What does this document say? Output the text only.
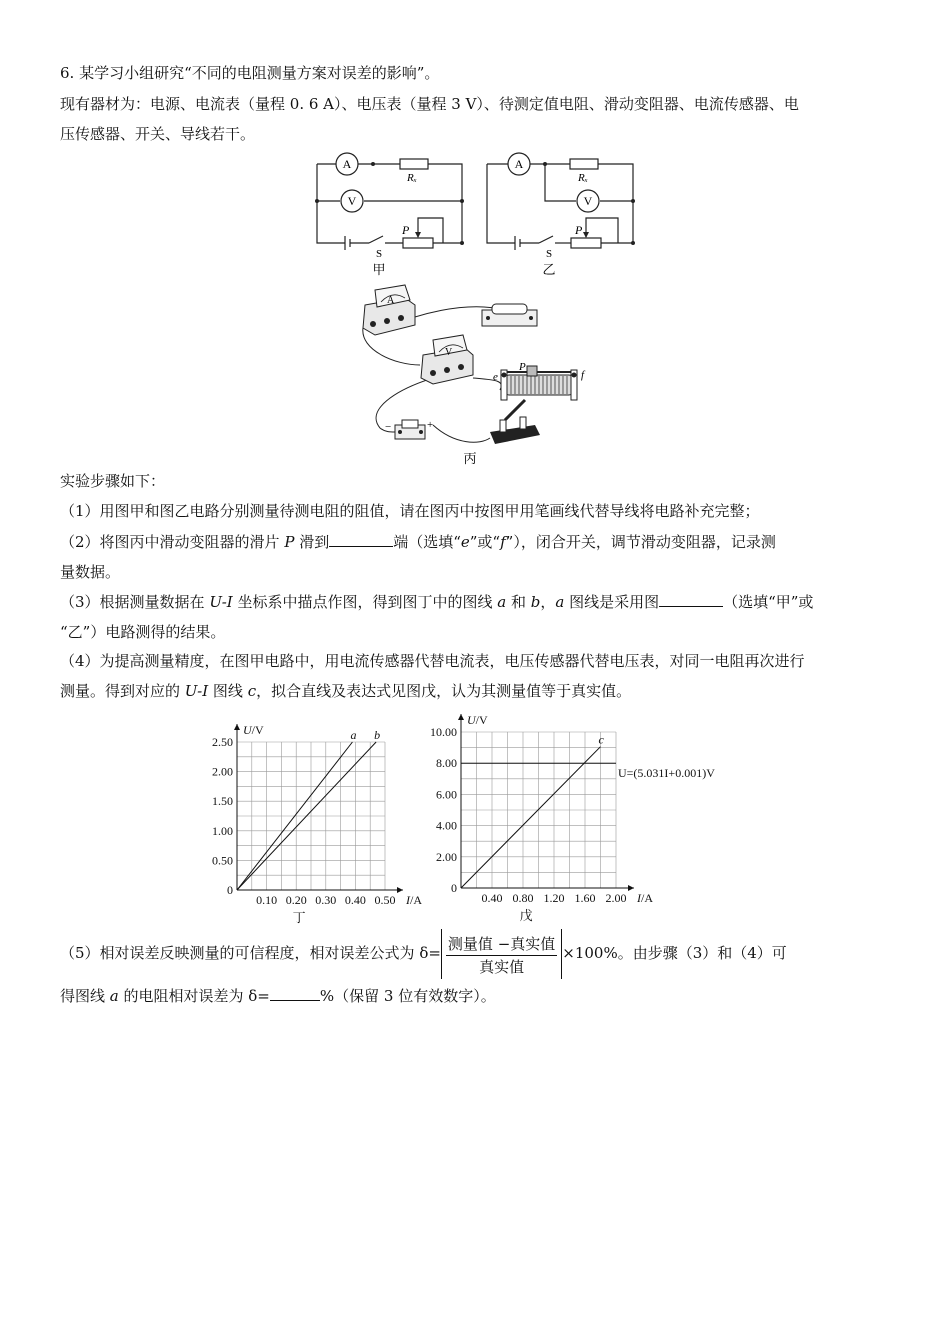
6. 某学习小组研究“不同的电阻测量方案对误差的影响”。
现有器材为：电源、电流表（量程 0. 6 A）、电压表（量程 3 V）、待测定值电阻、滑动变阻器、电流传感器、电
压传感器、开关、导线若干。
A
V
Rₓ
P
S
甲
A
V
Rₓ
P
S
乙
A
V
P
e	f
−	+
丙
实验步骤如下：
（1）用图甲和图乙电路分别测量待测电阻的阻值，请在图丙中按图甲用笔画线代替导线将电路补充完整；
（2）将图丙中滑动变阻器的滑片 P 滑到	端（选填“e”或“f”），闭合开关，调节滑动变阻器，记录测
量数据。
（3）根据测量数据在 U-I 坐标系中描点作图，得到图丁中的图线 a 和 b，a 图线是采用图	（选填“甲”或
“乙”）电路测得的结果。
（4）为提高测量精度，在图甲电路中，用电流传感器代替电流表，电压传感器代替电压表，对同一电阻再次进行
测量。得到对应的 U-I 图线 c，拟合直线及表达式见图戊，认为其测量值等于真实值。
0.10 0.20 0.30 0.40 0.50
0.50
1.00
1.50
2.00
2.50
0
I/A
U/V	a b
丁
0.40 0.80 1.20 1.60 2.00
2.00
4.00
6.00
8.00
10.00
0
I/A
U/V
c
U=(5.031I+0.001)V
戊
（5）相对误差反映测量的可信程度，相对误差公式为 $\delta= \frac{\text{测量值 −真实值}}{\text{真实值}} \times 100\%$。由步骤（3）和（4）可
得图线 a 的电阻相对误差为 δ=	%（保留 3 位有效数字）。
